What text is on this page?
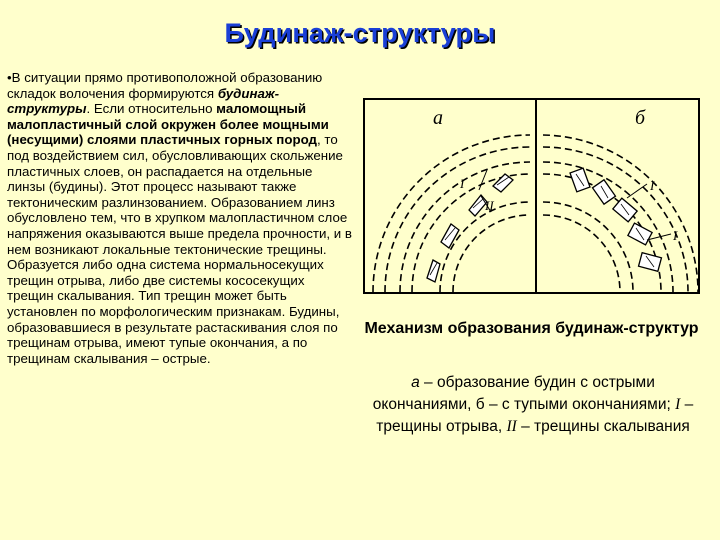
Будинаж-структуры
•В ситуации прямо противоположной образованию складок волочения формируются будинаж-структуры. Если относительно маломощный малопластичный слой окружен более мощными (несущими) слоями пластичных горных пород, то под воздействием сил, обусловливающих скольжение пластичных слоев, он распадается на отдельные линзы (будины). Этот процесс называют также тектоническим разлинзованием. Образованием линз обусловлено тем, что в хрупком малопластичном слое напряжения оказываются выше предела прочности, и в нем возникают локальные тектонические трещины. Образуется либо одна система нормальносекущих трещин отрыва, либо две системы кососекущих трещин скалывания. Тип трещин может быть установлен по морфологическим признакам. Будины, образовавшиеся в результате растаскивания слоя по трещинам отрыва, имеют тупые окончания, а по трещинам скалывания – острые.
а	б
I
II
I
I
Механизм образования будинаж-структур
а – образование будин с острыми окончаниями, б – с тупыми окончаниями; I – трещины отрыва, II – трещины скалывания
